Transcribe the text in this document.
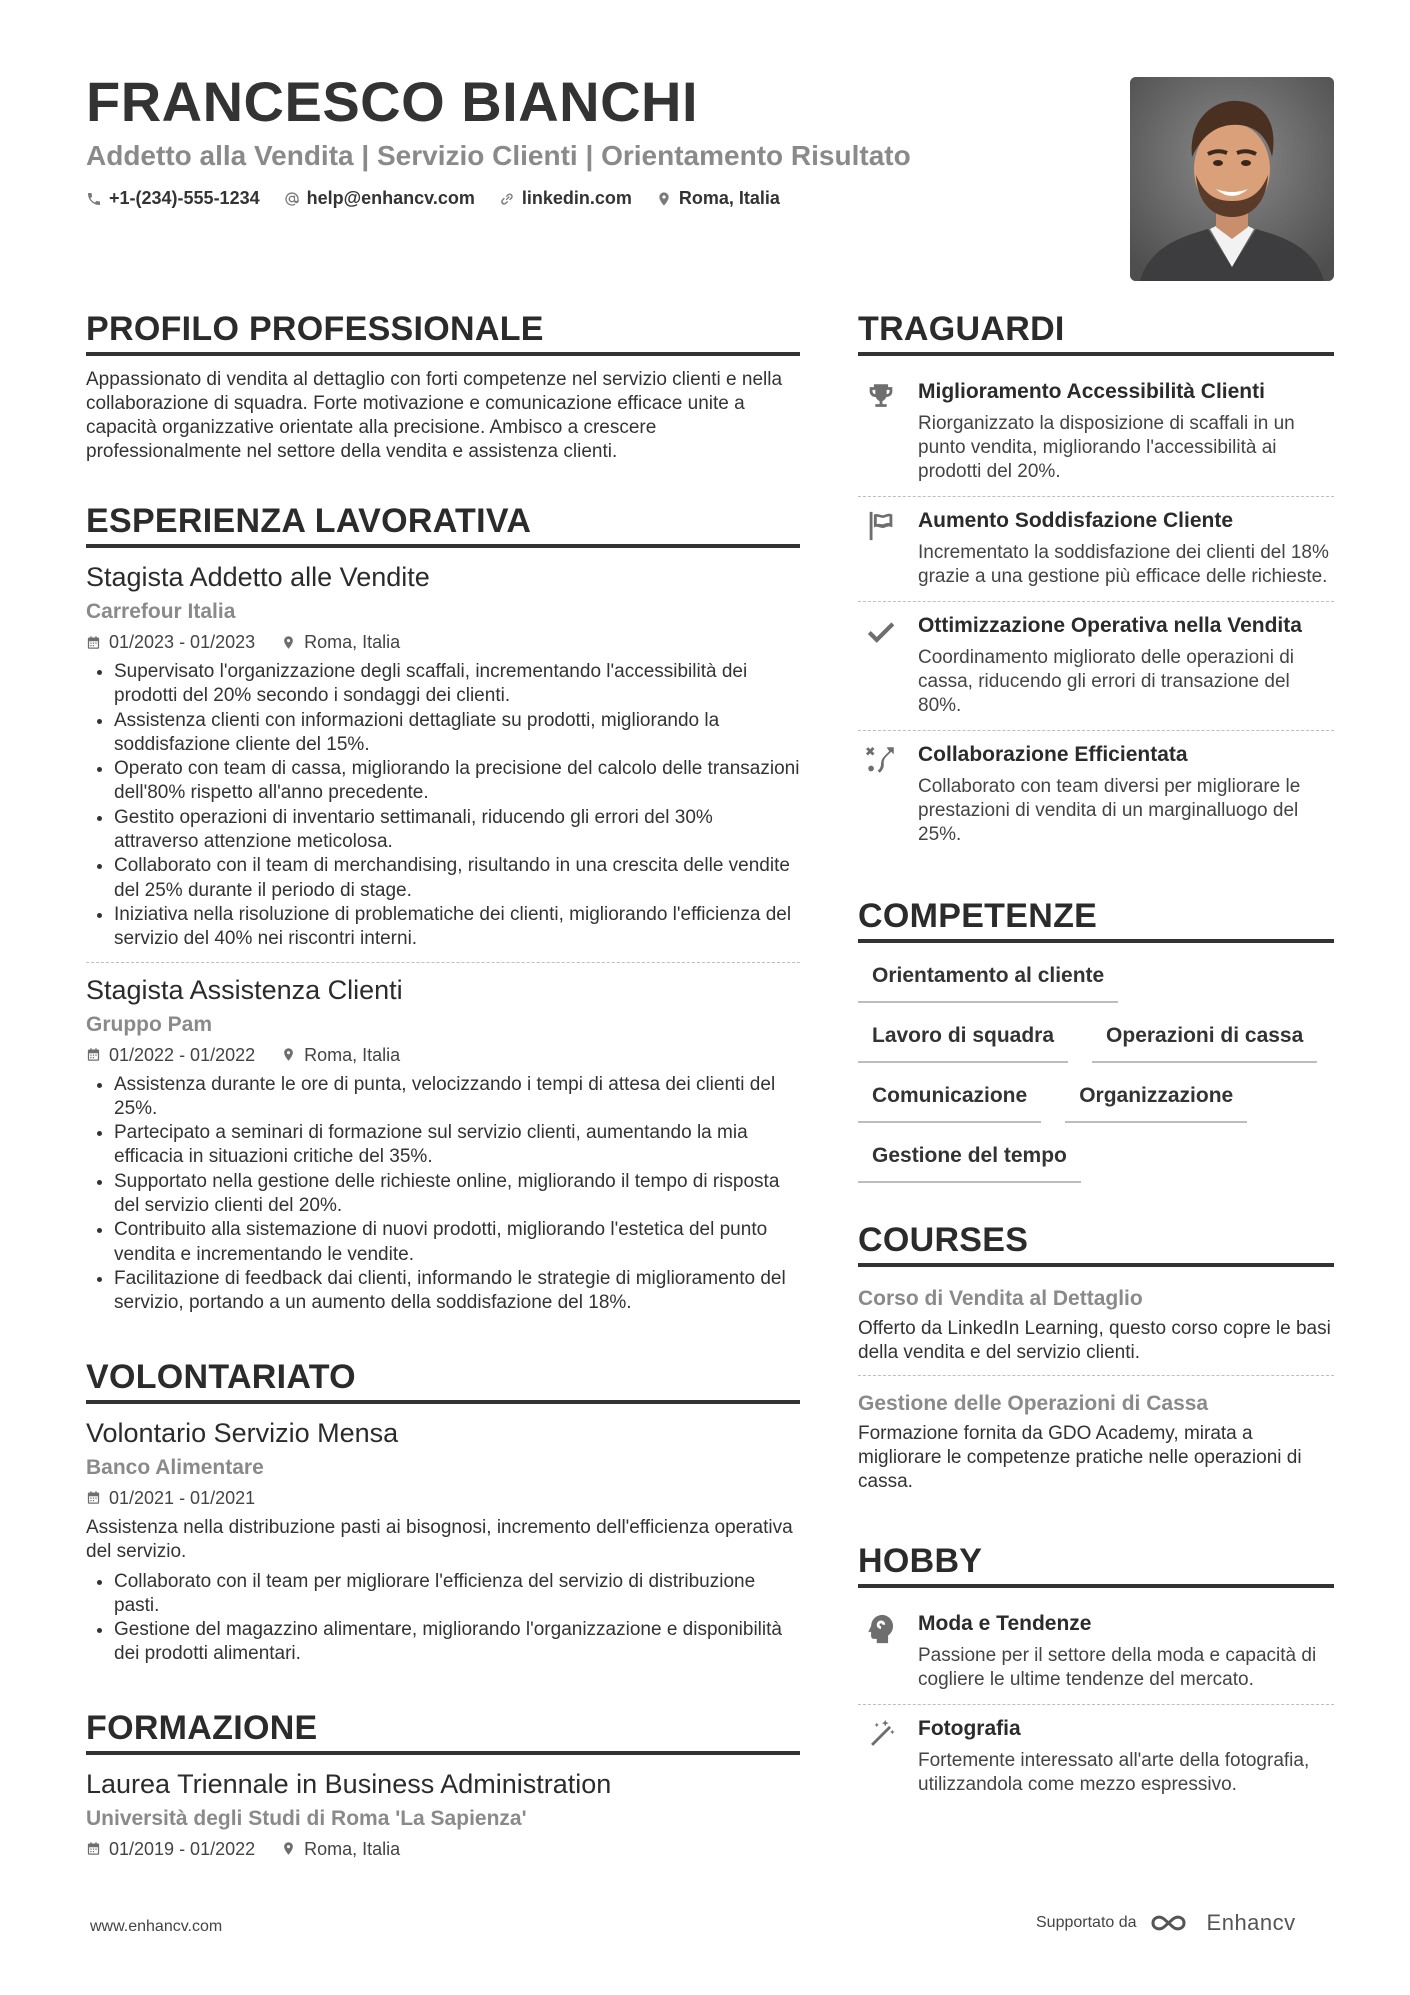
FRANCESCO BIANCHI
Addetto alla Vendita | Servizio Clienti | Orientamento Risultato
+1-(234)-555-1234	help@enhancv.com	linkedin.com	Roma, Italia
PROFILO PROFESSIONALE
Appassionato di vendita al dettaglio con forti competenze nel servizio clienti e nella collaborazione di squadra. Forte motivazione e comunicazione efficace unite a capacità organizzative orientate alla precisione. Ambisco a crescere professionalmente nel settore della vendita e assistenza clienti.
ESPERIENZA LAVORATIVA
Stagista Addetto alle Vendite
Carrefour Italia
01/2023 - 01/2023	Roma, Italia
• Supervisato l'organizzazione degli scaffali, incrementando l'accessibilità dei prodotti del 20% secondo i sondaggi dei clienti.
• Assistenza clienti con informazioni dettagliate su prodotti, migliorando la soddisfazione cliente del 15%.
• Operato con team di cassa, migliorando la precisione del calcolo delle transazioni dell'80% rispetto all'anno precedente.
• Gestito operazioni di inventario settimanali, riducendo gli errori del 30% attraverso attenzione meticolosa.
• Collaborato con il team di merchandising, risultando in una crescita delle vendite del 25% durante il periodo di stage.
• Iniziativa nella risoluzione di problematiche dei clienti, migliorando l'efficienza del servizio del 40% nei riscontri interni.
Stagista Assistenza Clienti
Gruppo Pam
01/2022 - 01/2022	Roma, Italia
• Assistenza durante le ore di punta, velocizzando i tempi di attesa dei clienti del 25%.
• Partecipato a seminari di formazione sul servizio clienti, aumentando la mia efficacia in situazioni critiche del 35%.
• Supportato nella gestione delle richieste online, migliorando il tempo di risposta del servizio clienti del 20%.
• Contribuito alla sistemazione di nuovi prodotti, migliorando l'estetica del punto vendita e incrementando le vendite.
• Facilitazione di feedback dai clienti, informando le strategie di miglioramento del servizio, portando a un aumento della soddisfazione del 18%.
VOLONTARIATO
Volontario Servizio Mensa
Banco Alimentare
01/2021 - 01/2021
Assistenza nella distribuzione pasti ai bisognosi, incremento dell'efficienza operativa del servizio.
• Collaborato con il team per migliorare l'efficienza del servizio di distribuzione pasti.
• Gestione del magazzino alimentare, migliorando l'organizzazione e disponibilità dei prodotti alimentari.
FORMAZIONE
Laurea Triennale in Business Administration
Università degli Studi di Roma 'La Sapienza'
01/2019 - 01/2022	Roma, Italia
TRAGUARDI
Miglioramento Accessibilità Clienti
Riorganizzato la disposizione di scaffali in un punto vendita, migliorando l'accessibilità ai prodotti del 20%.
Aumento Soddisfazione Cliente
Incrementato la soddisfazione dei clienti del 18% grazie a una gestione più efficace delle richieste.
Ottimizzazione Operativa nella Vendita
Coordinamento migliorato delle operazioni di cassa, riducendo gli errori di transazione del 80%.
Collaborazione Efficientata
Collaborato con team diversi per migliorare le prestazioni di vendita di un marginalluogo del 25%.
COMPETENZE
Orientamento al cliente
Lavoro di squadra	Operazioni di cassa
Comunicazione	Organizzazione
Gestione del tempo
COURSES
Corso di Vendita al Dettaglio
Offerto da LinkedIn Learning, questo corso copre le basi della vendita e del servizio clienti.
Gestione delle Operazioni di Cassa
Formazione fornita da GDO Academy, mirata a migliorare le competenze pratiche nelle operazioni di cassa.
HOBBY
Moda e Tendenze
Passione per il settore della moda e capacità di cogliere le ultime tendenze del mercato.
Fotografia
Fortemente interessato all'arte della fotografia, utilizzandola come mezzo espressivo.
www.enhancv.com	Supportato da	Enhancv
